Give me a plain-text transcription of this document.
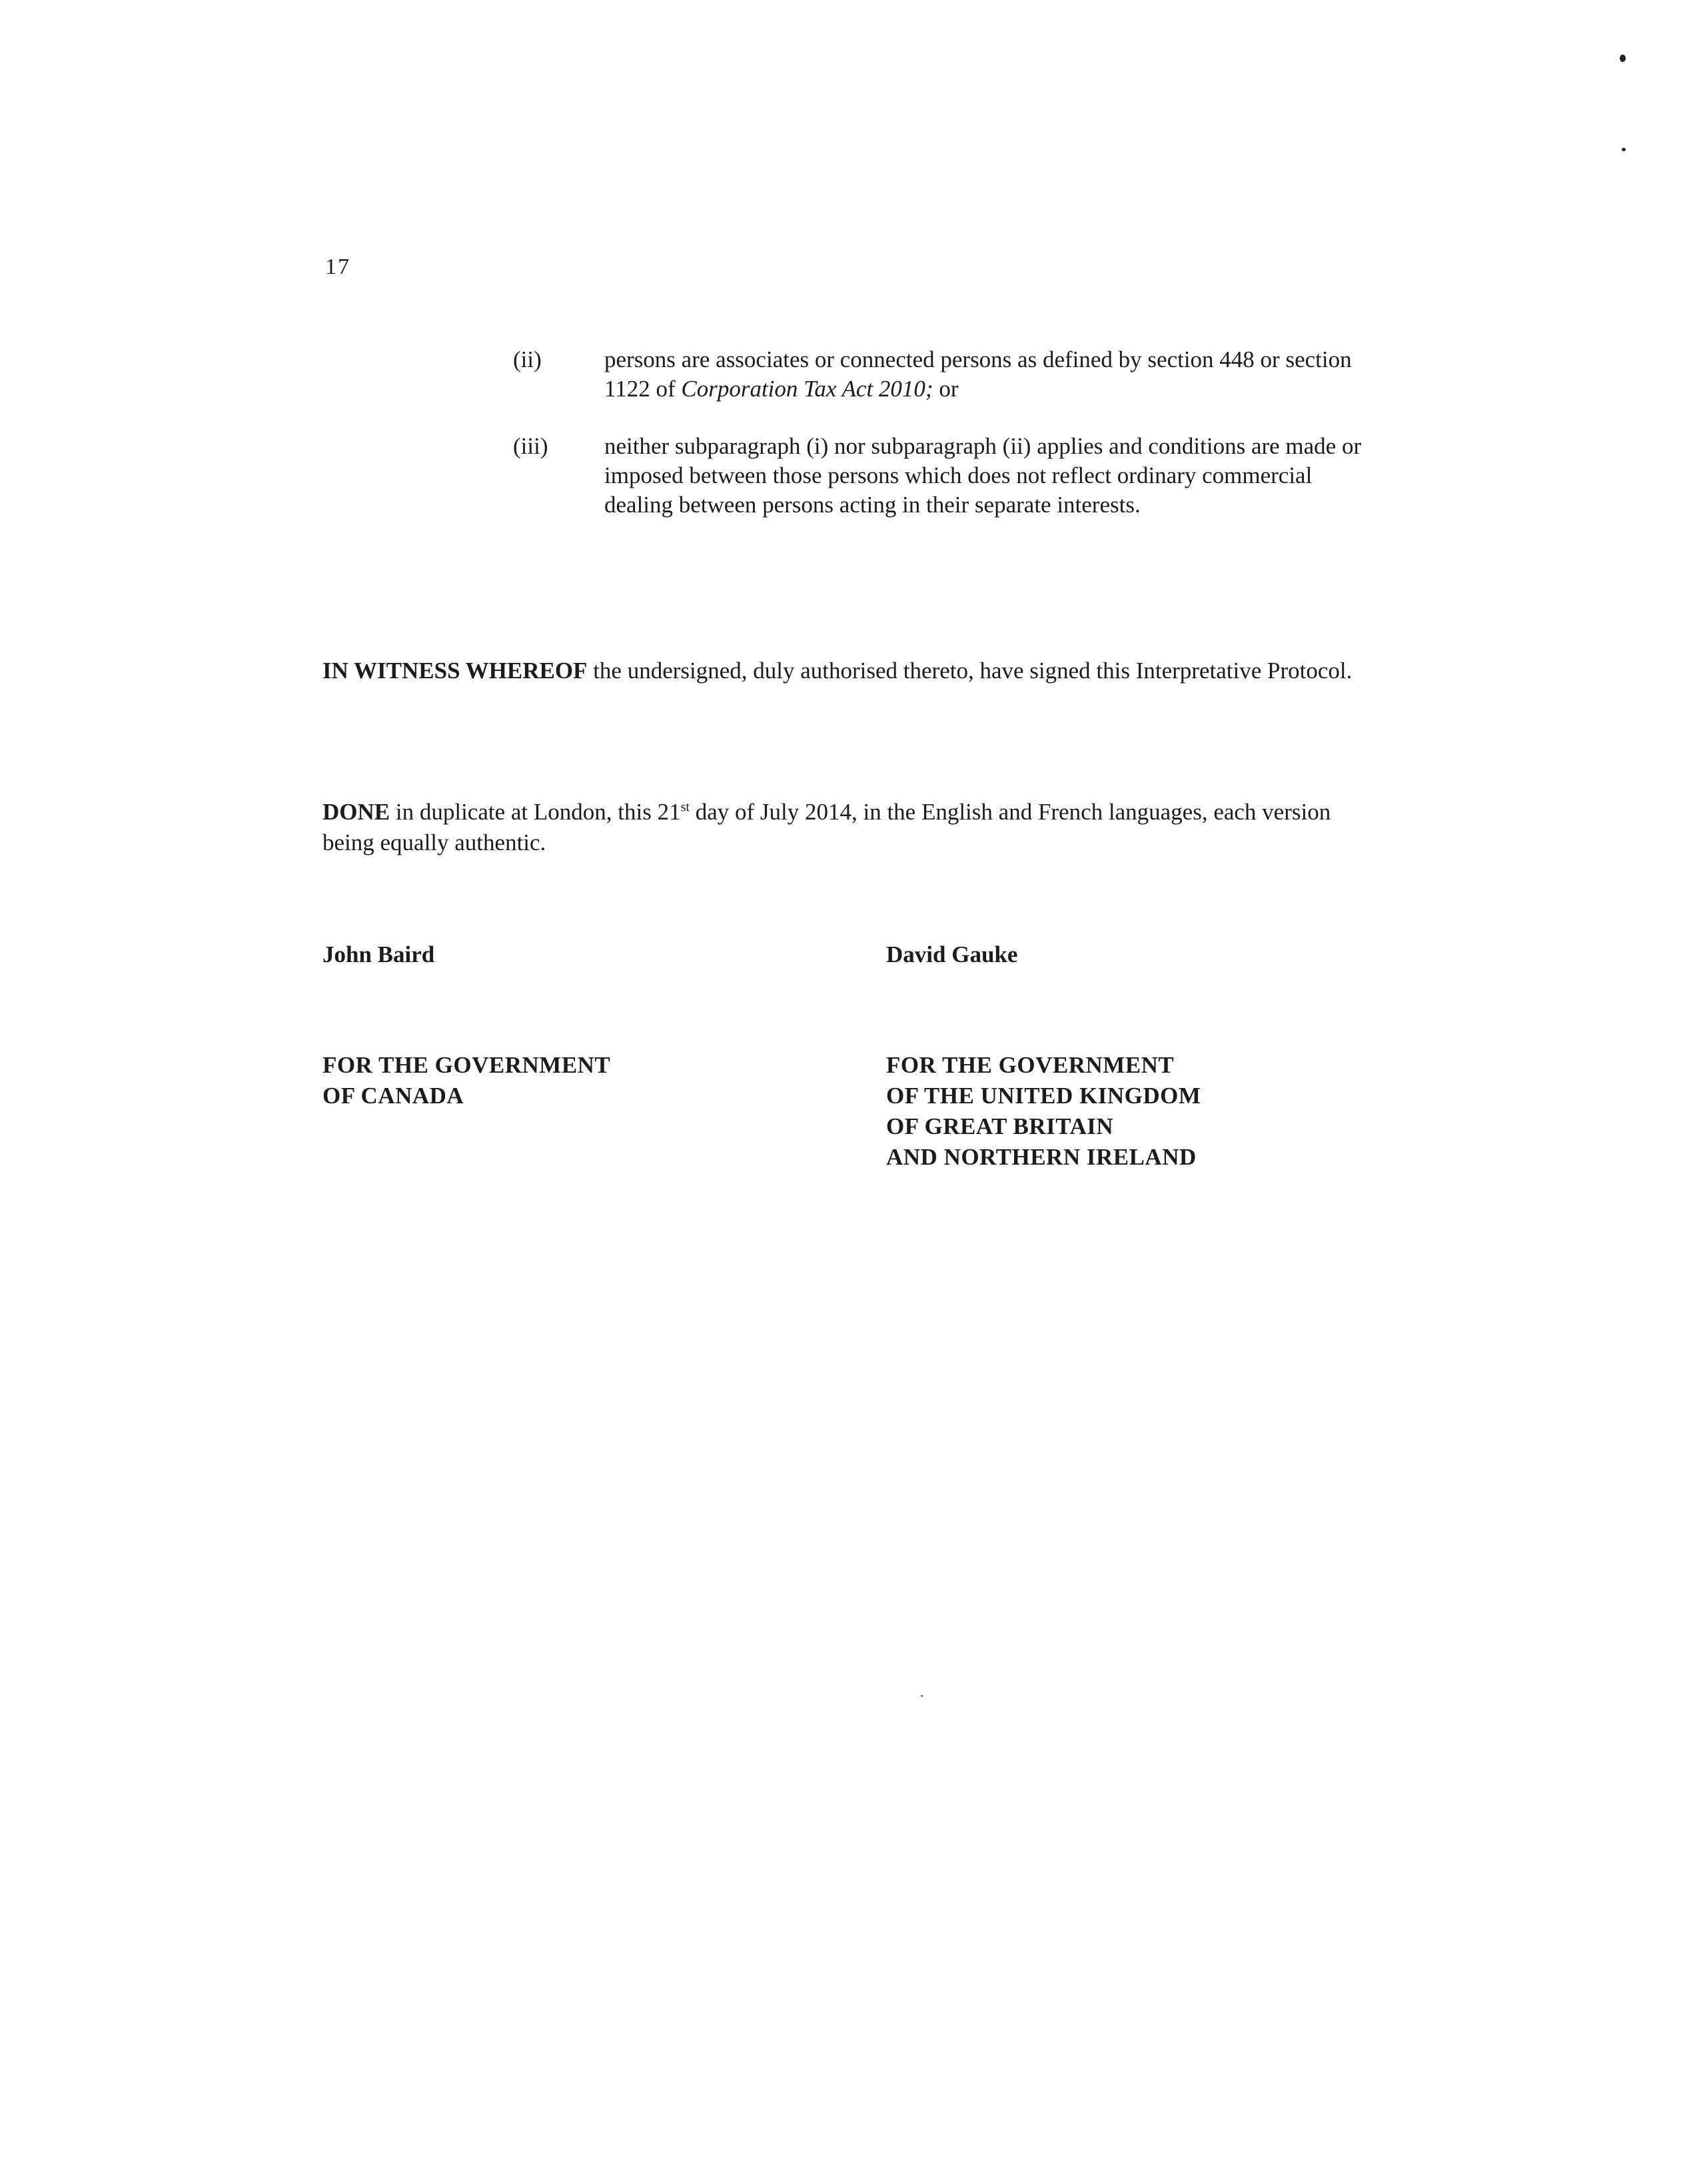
17
(ii)	persons are associates or connected persons as defined by section 448 or section 1122 of Corporation Tax Act 2010; or
(iii) neither subparagraph (i) nor subparagraph (ii) applies and conditions are made or imposed between those persons which does not reflect ordinary commercial dealing between persons acting in their separate interests.
IN WITNESS WHEREOF the undersigned, duly authorised thereto, have signed this Interpretative Protocol.
DONE in duplicate at London, this 21st day of July 2014, in the English and French languages, each version being equally authentic.
John Baird	David Gauke
FOR THE GOVERNMENT
OF CANADA
FOR THE GOVERNMENT
OF THE UNITED KINGDOM
OF GREAT BRITAIN
AND NORTHERN IRELAND
